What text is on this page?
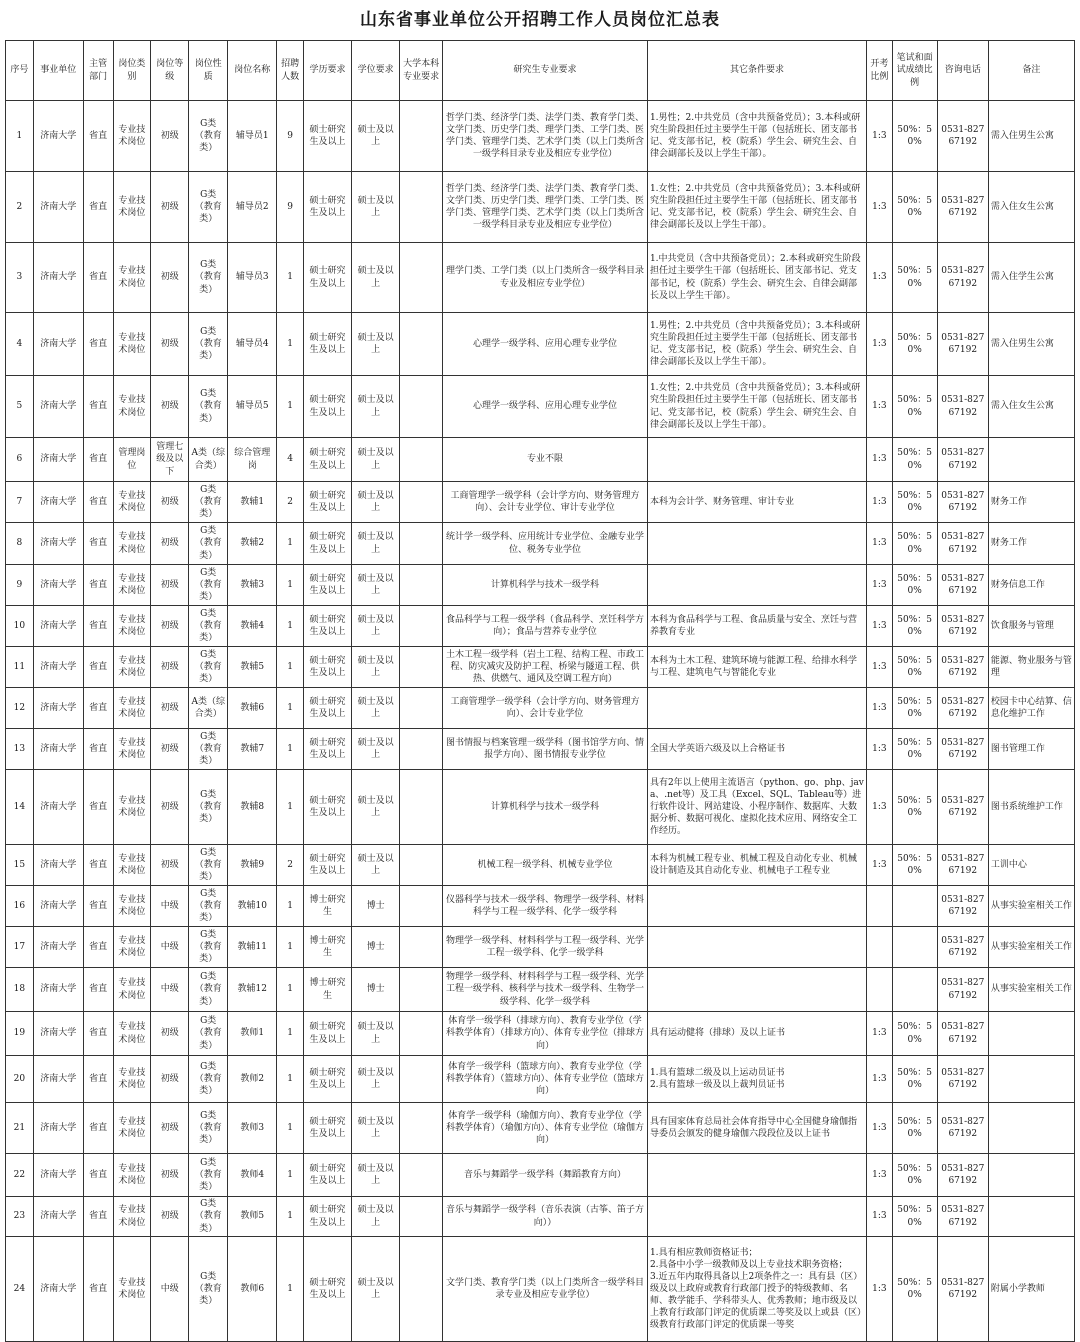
山东省事业单位公开招聘工作人员岗位汇总表
序号	事业单位	主管部门	岗位类别	岗位等级	岗位性质	岗位名称	招聘人数	学历要求	学位要求	大学本科专业要求	研究生专业要求	其它条件要求	开考比例	笔试和面试成绩比例	咨询电话	备注
1	济南大学	省直	专业技术岗位	初级	G类（教育类）	辅导员1	9	硕士研究生及以上	硕士及以上		哲学门类、经济学门类、法学门类、教育学门类、文学门类、历史学门类、理学门类、工学门类、医学门类、管理学门类、艺术学门类（以上门类所含一级学科目录专业及相应专业学位）	1.男性；2.中共党员（含中共预备党员）；3.本科或研究生阶段担任过主要学生干部（包括班长、团支部书记、党支部书记，校（院系）学生会、研究生会、自律会副部长及以上学生干部）。	1:3	50%：50%	0531-82767192	需入住男生公寓
2	济南大学	省直	专业技术岗位	初级	G类（教育类）	辅导员2	9	硕士研究生及以上	硕士及以上		哲学门类、经济学门类、法学门类、教育学门类、文学门类、历史学门类、理学门类、工学门类、医学门类、管理学门类、艺术学门类（以上门类所含一级学科目录专业及相应专业学位）	1.女性；2.中共党员（含中共预备党员）；3.本科或研究生阶段担任过主要学生干部（包括班长、团支部书记、党支部书记，校（院系）学生会、研究生会、自律会副部长及以上学生干部）。	1:3	50%：50%	0531-82767192	需入住女生公寓
3	济南大学	省直	专业技术岗位	初级	G类（教育类）	辅导员3	1	硕士研究生及以上	硕士及以上		理学门类、工学门类（以上门类所含一级学科目录专业及相应专业学位）	1.中共党员（含中共预备党员）；2.本科或研究生阶段担任过主要学生干部（包括班长、团支部书记、党支部书记，校（院系）学生会、研究生会、自律会副部长及以上学生干部）。	1:3	50%：50%	0531-82767192	需入住学生公寓
4	济南大学	省直	专业技术岗位	初级	G类（教育类）	辅导员4	1	硕士研究生及以上	硕士及以上		心理学一级学科、应用心理专业学位	1.男性；2.中共党员（含中共预备党员）；3.本科或研究生阶段担任过主要学生干部（包括班长、团支部书记、党支部书记，校（院系）学生会、研究生会、自律会副部长及以上学生干部）。	1:3	50%：50%	0531-82767192	需入住男生公寓
5	济南大学	省直	专业技术岗位	初级	G类（教育类）	辅导员5	1	硕士研究生及以上	硕士及以上		心理学一级学科、应用心理专业学位	1.女性；2.中共党员（含中共预备党员）；3.本科或研究生阶段担任过主要学生干部（包括班长、团支部书记、党支部书记，校（院系）学生会、研究生会、自律会副部长及以上学生干部）。	1:3	50%：50%	0531-82767192	需入住女生公寓
6	济南大学	省直	管理岗位	管理七级及以下	A类（综合类）	综合管理岗	4	硕士研究生及以上	硕士及以上		专业不限		1:3	50%：50%	0531-82767192	
7	济南大学	省直	专业技术岗位	初级	G类（教育类）	教辅1	2	硕士研究生及以上	硕士及以上		工商管理学一级学科（会计学方向、财务管理方向）、会计专业学位、审计专业学位	本科为会计学、财务管理、审计专业	1:3	50%：50%	0531-82767192	财务工作
8	济南大学	省直	专业技术岗位	初级	G类（教育类）	教辅2	1	硕士研究生及以上	硕士及以上		统计学一级学科、应用统计专业学位、金融专业学位、税务专业学位		1:3	50%：50%	0531-82767192	财务工作
9	济南大学	省直	专业技术岗位	初级	G类（教育类）	教辅3	1	硕士研究生及以上	硕士及以上		计算机科学与技术一级学科		1:3	50%：50%	0531-82767192	财务信息工作
10	济南大学	省直	专业技术岗位	初级	G类（教育类）	教辅4	1	硕士研究生及以上	硕士及以上		食品科学与工程一级学科（食品科学、烹饪科学方向）；食品与营养专业学位	本科为食品科学与工程、食品质量与安全、烹饪与营养教育专业	1:3	50%：50%	0531-82767192	饮食服务与管理
11	济南大学	省直	专业技术岗位	初级	G类（教育类）	教辅5	1	硕士研究生及以上	硕士及以上		土木工程一级学科（岩土工程、结构工程、市政工程、防灾减灾及防护工程、桥梁与隧道工程、供热、供燃气、通风及空调工程方向）	本科为土木工程、建筑环境与能源工程、给排水科学与工程、建筑电气与智能化专业	1:3	50%：50%	0531-82767192	能源、物业服务与管理
12	济南大学	省直	专业技术岗位	初级	A类（综合类）	教辅6	1	硕士研究生及以上	硕士及以上		工商管理学一级学科（会计学方向、财务管理方向）、会计专业学位		1:3	50%：50%	0531-82767192	校园卡中心结算、信息化维护工作
13	济南大学	省直	专业技术岗位	初级	G类（教育类）	教辅7	1	硕士研究生及以上	硕士及以上		图书情报与档案管理一级学科（图书馆学方向、情报学方向）、图书情报专业学位	全国大学英语六级及以上合格证书	1:3	50%：50%	0531-82767192	图书管理工作
14	济南大学	省直	专业技术岗位	初级	G类（教育类）	教辅8	1	硕士研究生及以上	硕士及以上		计算机科学与技术一级学科	具有2年以上使用主流语言（python、go、php、java、.net等）及工具（Excel、SQL、Tableau等）进行软件设计、网站建设、小程序制作、数据库、大数据分析、数据可视化、虚拟化技术应用、网络安全工作经历。	1:3	50%：50%	0531-82767192	图书系统维护工作
15	济南大学	省直	专业技术岗位	初级	G类（教育类）	教辅9	2	硕士研究生及以上	硕士及以上		机械工程一级学科、机械专业学位	本科为机械工程专业、机械工程及自动化专业、机械设计制造及其自动化专业、机械电子工程专业	1:3	50%：50%	0531-82767192	工训中心
16	济南大学	省直	专业技术岗位	中级	G类（教育类）	教辅10	1	博士研究生	博士		仪器科学与技术一级学科、物理学一级学科、材料科学与工程一级学科、化学一级学科				0531-82767192	从事实验室相关工作
17	济南大学	省直	专业技术岗位	中级	G类（教育类）	教辅11	1	博士研究生	博士		物理学一级学科、材料科学与工程一级学科、光学工程一级学科、化学一级学科				0531-82767192	从事实验室相关工作
18	济南大学	省直	专业技术岗位	中级	G类（教育类）	教辅12	1	博士研究生	博士		物理学一级学科、材料科学与工程一级学科、光学工程一级学科、核科学与技术一级学科、生物学一级学科、化学一级学科				0531-82767192	从事实验室相关工作
19	济南大学	省直	专业技术岗位	初级	G类（教育类）	教师1	1	硕士研究生及以上	硕士及以上		体育学一级学科（排球方向）、教育专业学位（学科教学体育）（排球方向）、体育专业学位（排球方向）	具有运动健将（排球）及以上证书	1:3	50%：50%	0531-82767192	
20	济南大学	省直	专业技术岗位	初级	G类（教育类）	教师2	1	硕士研究生及以上	硕士及以上		体育学一级学科（篮球方向）、教育专业学位（学科教学体育）（篮球方向）、体育专业学位（篮球方向）	1.具有篮球二级及以上运动员证书
2.具有篮球一级及以上裁判员证书	1:3	50%：50%	0531-82767192	
21	济南大学	省直	专业技术岗位	初级	G类（教育类）	教师3	1	硕士研究生及以上	硕士及以上		体育学一级学科（瑜伽方向）、教育专业学位（学科教学体育）（瑜伽方向）、体育专业学位（瑜伽方向）	具有国家体育总局社会体育指导中心全国健身瑜伽指导委员会颁发的健身瑜伽六段段位及以上证书	1:3	50%：50%	0531-82767192	
22	济南大学	省直	专业技术岗位	初级	G类（教育类）	教师4	1	硕士研究生及以上	硕士及以上		音乐与舞蹈学一级学科（舞蹈教育方向）		1:3	50%：50%	0531-82767192	
23	济南大学	省直	专业技术岗位	初级	G类（教育类）	教师5	1	硕士研究生及以上	硕士及以上		音乐与舞蹈学一级学科（音乐表演（古筝、笛子方向））		1:3	50%：50%	0531-82767192	
24	济南大学	省直	专业技术岗位	中级	G类（教育类）	教师6	1	硕士研究生及以上	硕士及以上		文学门类、教育学门类（以上门类所含一级学科目录专业及相应专业学位）	1.具有相应教师资格证书；
2.具备中小学一级教师及以上专业技术职务资格；
3.近五年内取得具备以上2项条件之一：具有县（区）级及以上政府或教育行政部门授予的特级教师、名师、教学能手、学科带头人、优秀教师；地市级及以上教育行政部门评定的优质课二等奖及以上或县（区）级教育行政部门评定的优质课一等奖	1:3	50%：50%	0531-82767192	附属小学教师
